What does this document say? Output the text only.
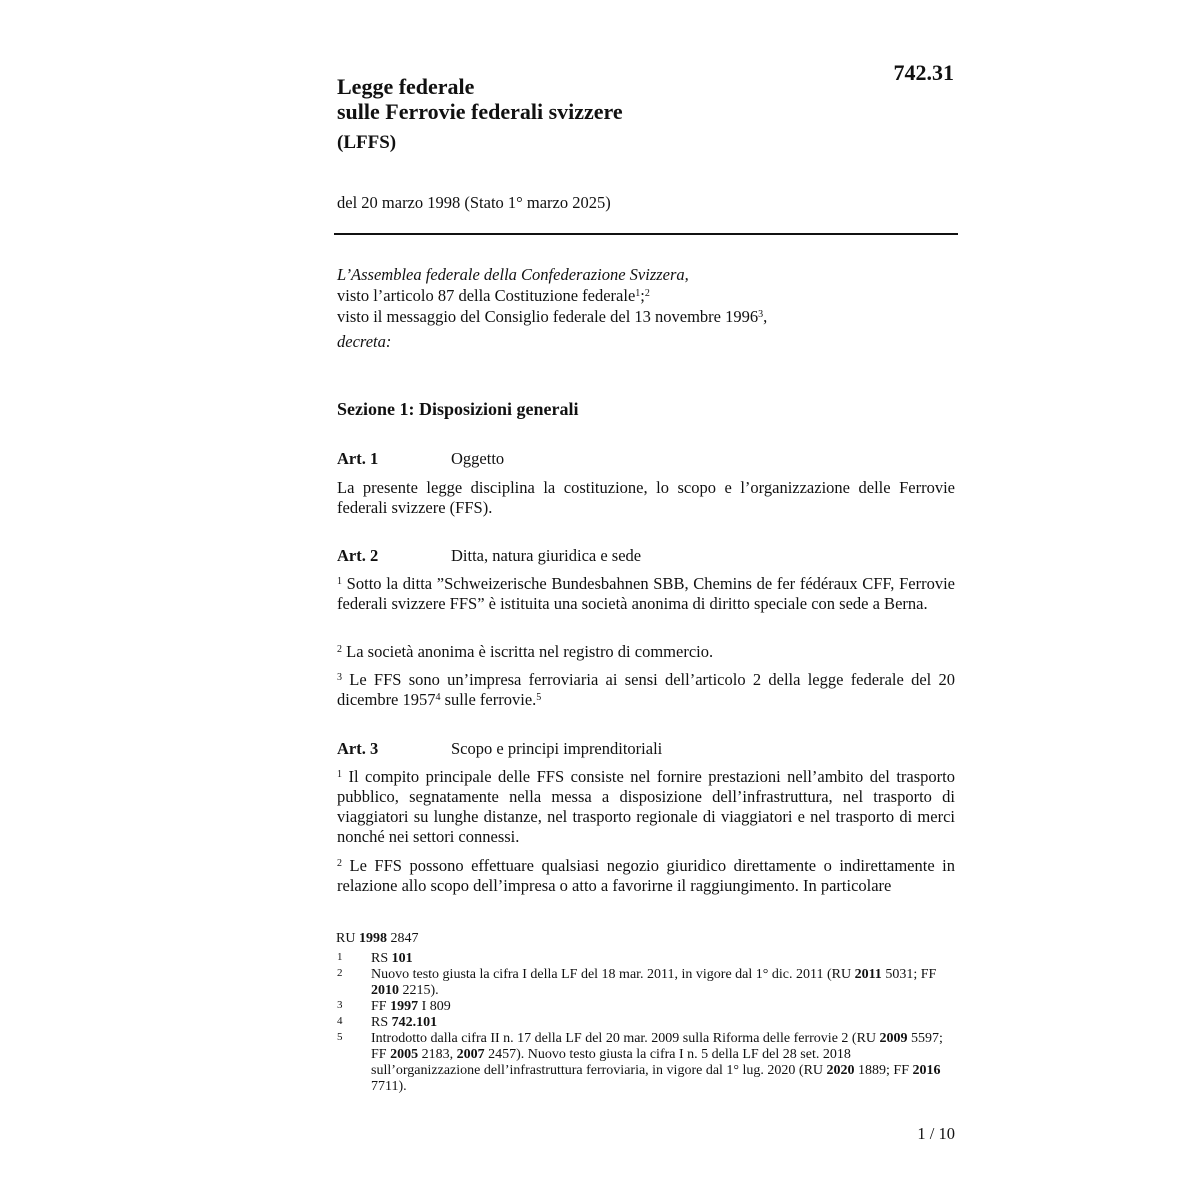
742.31
Legge federale
sulle Ferrovie federali svizzere
(LFFS)
del 20 marzo 1998 (Stato 1° marzo 2025)
L’Assemblea federale della Confederazione Svizzera,
visto l’articolo 87 della Costituzione federale$^1$;$^2$
visto il messaggio del Consiglio federale del 13 novembre 1996$^3$,
decreta:
Sezione 1: Disposizioni generali
Art. 1	Oggetto
La presente legge disciplina la costituzione, lo scopo e l’organizzazione delle Ferrovie federali svizzere (FFS).
Art. 2	Ditta, natura giuridica e sede
$^1$ Sotto la ditta ”Schweizerische Bundesbahnen SBB, Chemins de fer fédéraux CFF, Ferrovie federali svizzere FFS” è istituita una società anonima di diritto speciale con sede a Berna.
$^2$ La società anonima è iscritta nel registro di commercio.
$^3$ Le FFS sono un’impresa ferroviaria ai sensi dell’articolo 2 della legge federale del 20 dicembre 1957$^4$ sulle ferrovie.$^5$
Art. 3	Scopo e principi imprenditoriali
$^1$ Il compito principale delle FFS consiste nel fornire prestazioni nell’ambito del trasporto pubblico, segnatamente nella messa a disposizione dell’infrastruttura, nel trasporto di viaggiatori su lunghe distanze, nel trasporto regionale di viaggiatori e nel trasporto di merci nonché nei settori connessi.
$^2$ Le FFS possono effettuare qualsiasi negozio giuridico direttamente o indirettamente in relazione allo scopo dell’impresa o atto a favorirne il raggiungimento. In particolare
RU 1998 2847
1 RS 101
2 Nuovo testo giusta la cifra I della LF del 18 mar. 2011, in vigore dal 1° dic. 2011 (RU 2011 5031; FF 2010 2215).
3 FF 1997 I 809
4 RS 742.101
5 Introdotto dalla cifra II n. 17 della LF del 20 mar. 2009 sulla Riforma delle ferrovie 2 (RU 2009 5597; FF 2005 2183, 2007 2457). Nuovo testo giusta la cifra I n. 5 della LF del 28 set. 2018 sull’organizzazione dell’infrastruttura ferroviaria, in vigore dal 1° lug. 2020 (RU 2020 1889; FF 2016 7711).
1 / 10
